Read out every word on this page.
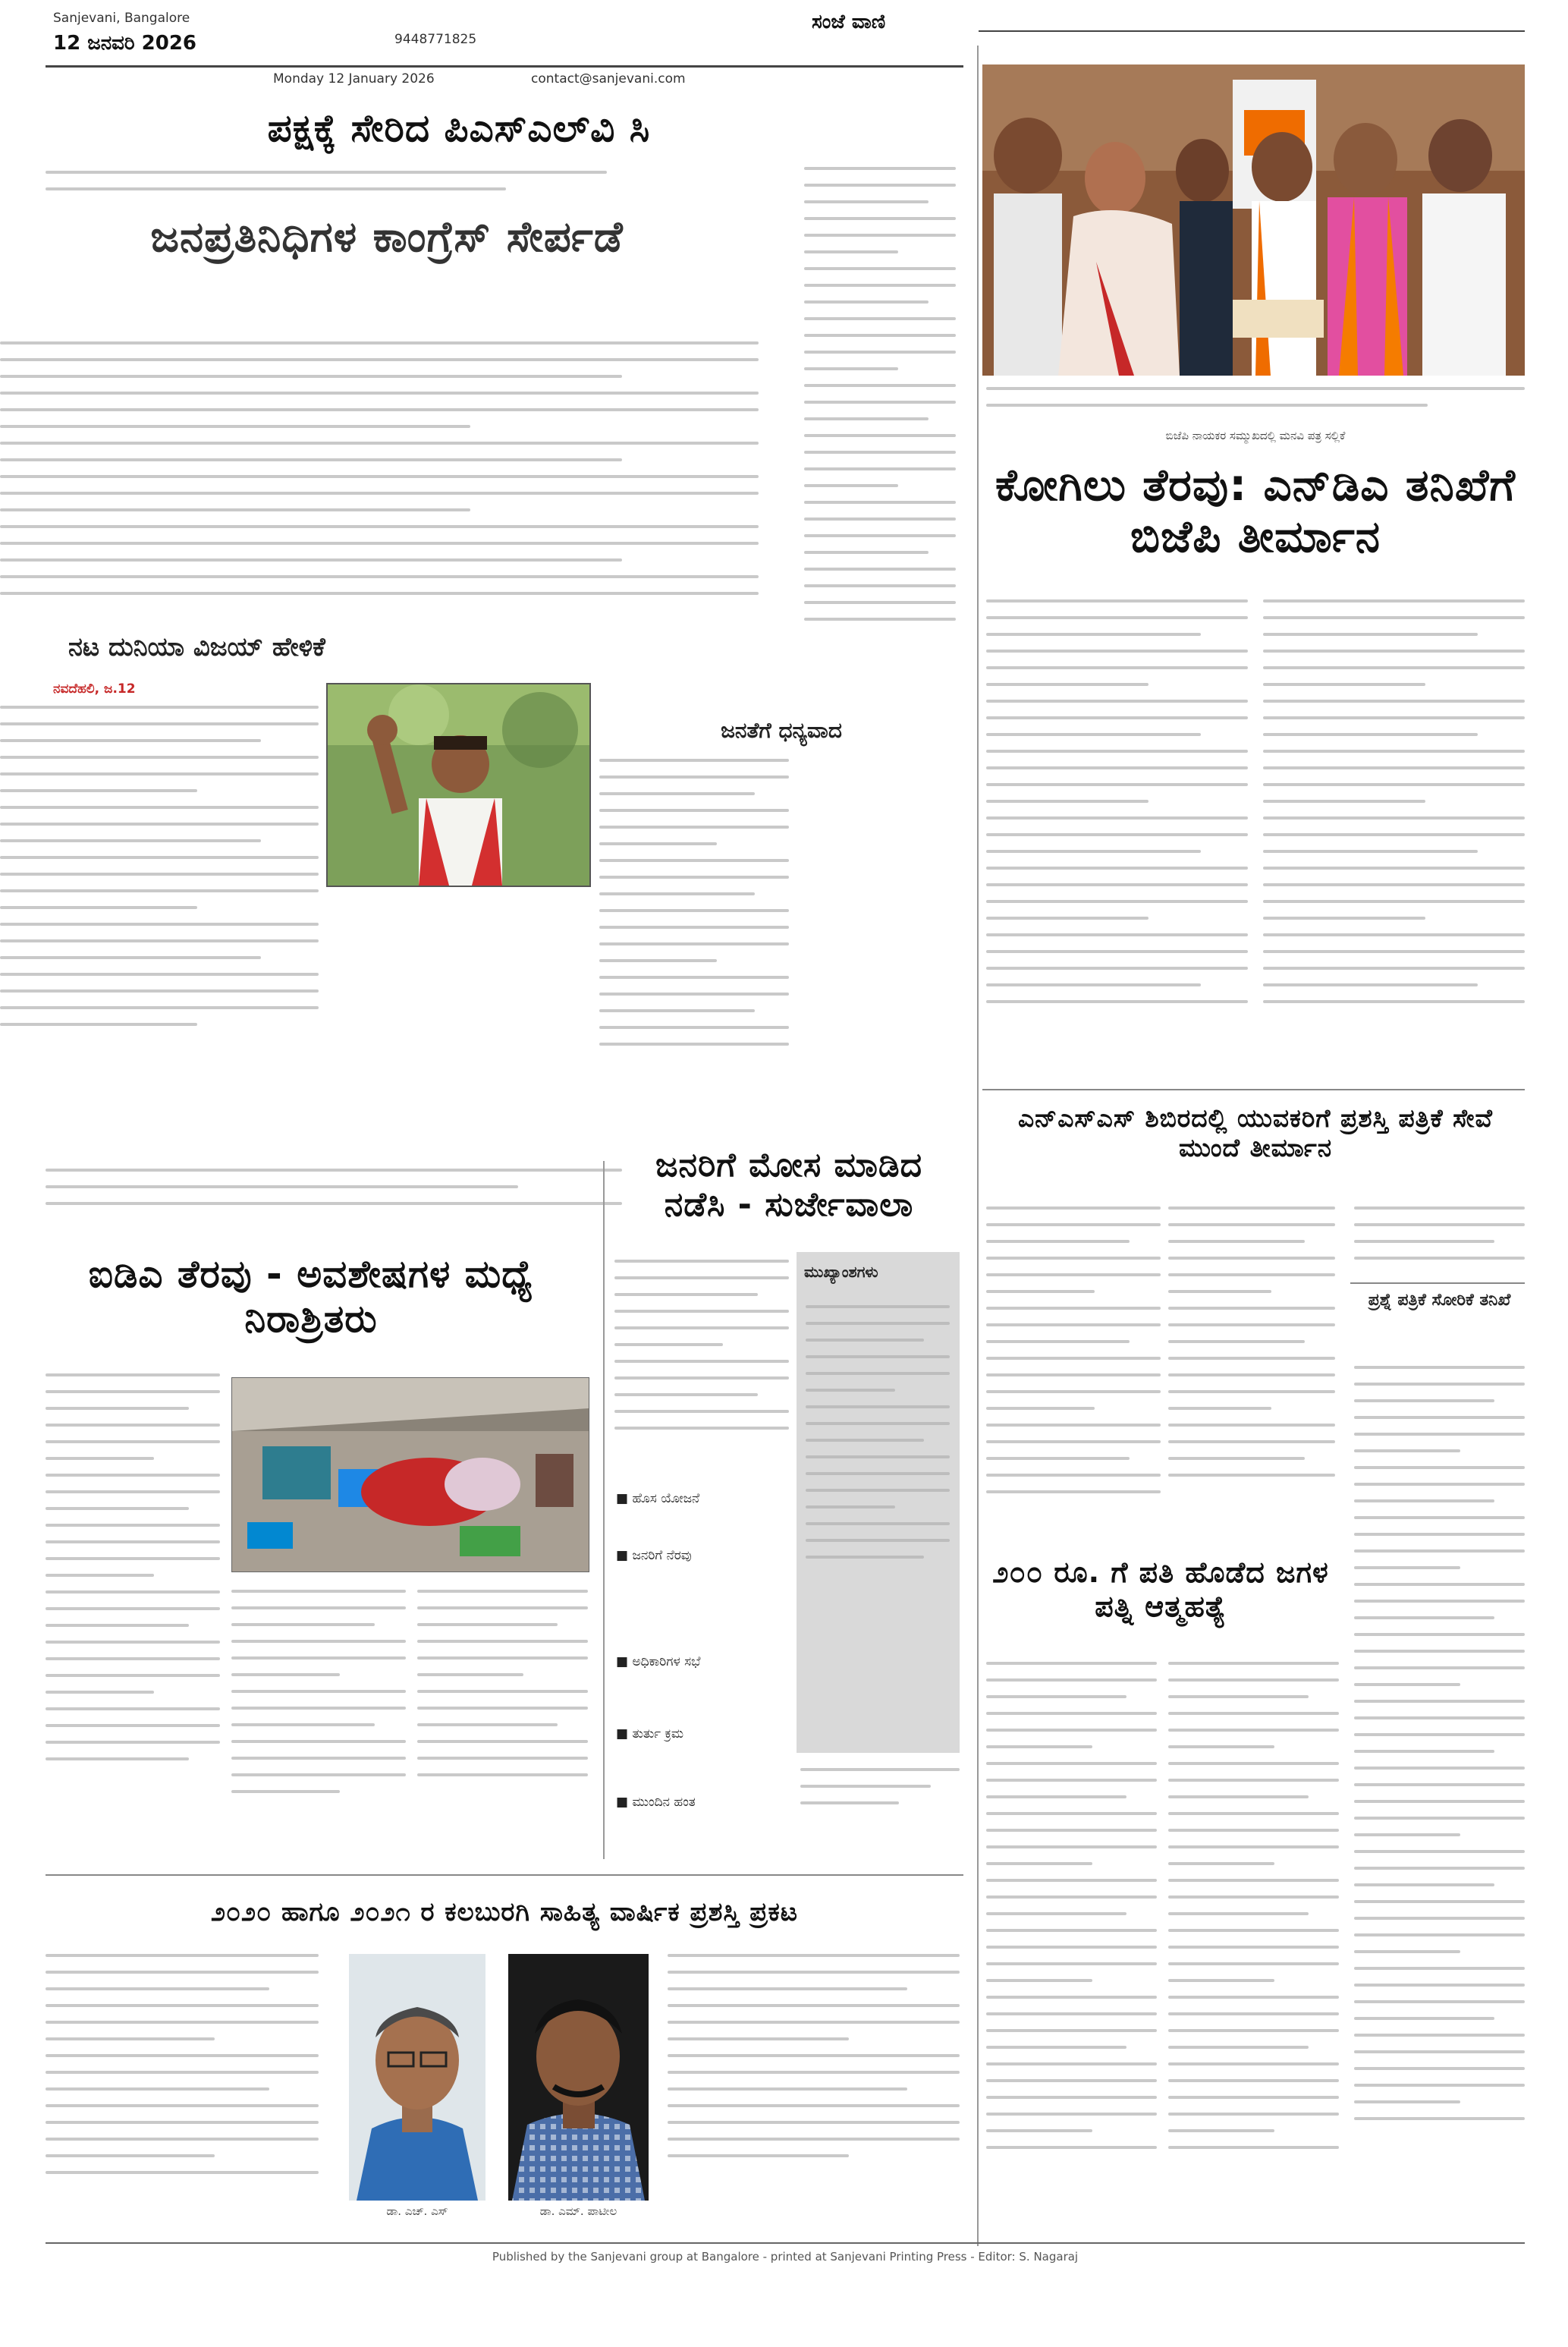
Sanjevani, Bangalore
12 ಜನವರಿ 2026
Monday 12 January 2026
9448771825
contact@sanjevani.com
ಸಂಜೆ ವಾಣಿ
ಪಕ್ಷಕ್ಕೆ ಸೇರಿದ ಪಿಎಸ್‌ಎಲ್‌ವಿ ಸಿ
ಜನಪ್ರತಿನಿಧಿಗಳ ಕಾಂಗ್ರೆಸ್ ಸೇರ್ಪಡೆ
ನಟ ದುನಿಯಾ ವಿಜಯ್ ಹೇಳಿಕೆ
ನವದೆಹಲಿ, ಜ.12
ಜನತೆಗೆ ಧನ್ಯವಾದ
ಐಡಿಎ ತೆರವು - ಅವಶೇಷಗಳ ಮಧ್ಯೆ ನಿರಾಶ್ರಿತರು
ಜನರಿಗೆ ಮೋಸ ಮಾಡಿದ ನಡೆಸಿ - ಸುರ್ಜೇವಾಲಾ
ಮುಖ್ಯಾಂಶಗಳು
■ ಹೊಸ ಯೋಜನೆ
■ ಜನರಿಗೆ ನೆರವು
■ ಅಧಿಕಾರಿಗಳ ಸಭೆ
■ ತುರ್ತು ಕ್ರಮ
■ ಮುಂದಿನ ಹಂತ
೨೦೨೦ ಹಾಗೂ ೨೦೨೧ ರ ಕಲಬುರಗಿ ಸಾಹಿತ್ಯ ವಾರ್ಷಿಕ ಪ್ರಶಸ್ತಿ ಪ್ರಕಟ
ಡಾ. ಎಚ್. ಎಸ್	ಡಾ. ಎಮ್. ಪಾಟೀಲ
ಬಿಜೆಪಿ ನಾಯಕರ ಸಮ್ಮುಖದಲ್ಲಿ ಮನವಿ ಪತ್ರ ಸಲ್ಲಿಕೆ
ಕೋಗಿಲು ತೆರವು: ಎನ್‌ಡಿಎ ತನಿಖೆಗೆ ಬಿಜೆಪಿ ತೀರ್ಮಾನ
ಎನ್‌ಎಸ್‌ಎಸ್ ಶಿಬಿರದಲ್ಲಿ ಯುವಕರಿಗೆ ಪ್ರಶಸ್ತಿ ಪತ್ರಿಕೆ ಸೇವೆ ಮುಂದೆ ತೀರ್ಮಾನ
ಪ್ರಶ್ನೆ ಪತ್ರಿಕೆ ಸೋರಿಕೆ ತನಿಖೆ
೨೦೦ ರೂ. ಗೆ ಪತಿ ಹೊಡೆದ ಜಗಳ ಪತ್ನಿ ಆತ್ಮಹತ್ಯೆ
Published by the Sanjevani group at Bangalore - printed at Sanjevani Printing Press - Editor: S. Nagaraj
